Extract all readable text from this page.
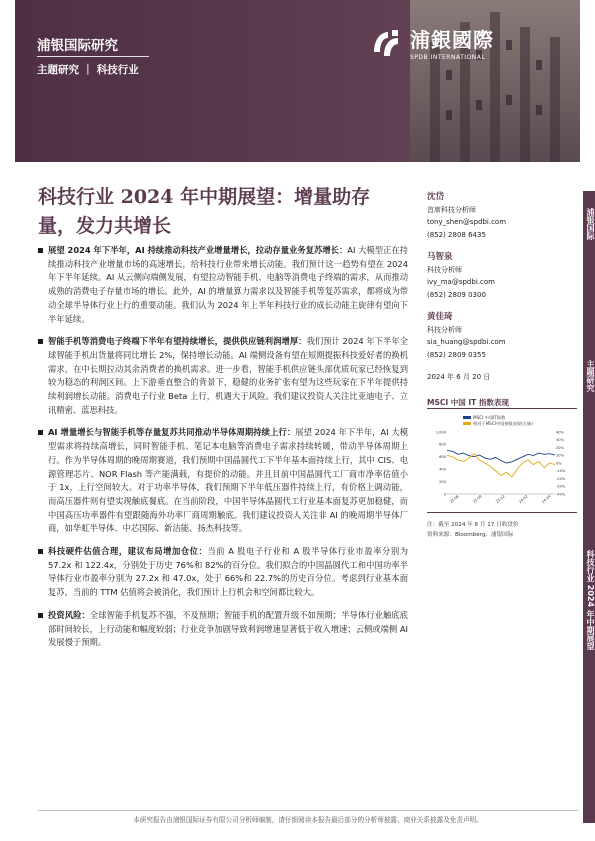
浦银国际研究
主题研究 ｜ 科技行业
浦銀國際
SPDB INTERNATIONAL
科技行业 2024 年中期展望：增量助存量，发力共增长
展望 2024 年下半年，AI 持续推动科技产业增量增长，拉动存量业务复苏增长：AI 大模型正在持续推动科技产业增量市场的高速增长，给科技行业带来增长动能。我们预计这一趋势有望在 2024 年下半年延续。AI 从云侧向端侧发展，有望拉动智能手机、电脑等消费电子终端的需求，从而推动成熟的消费电子存量市场的增长。此外，AI 的增量算力需求以及智能手机等复苏需求，都将成为带动全球半导体行业上行的重要动能。我们认为 2024 年上半年科技行业的成长动能主旋律有望向下半年延续。
智能手机等消费电子终端下半年有望持续增长，提供供应链利润增厚：我们预计 2024 年下半年全球智能手机出货量将同比增长 2%，保持增长动能。AI 端侧设备有望在短期提振科技爱好者的换机需求，在中长期拉动其余消费者的换机需求。进一步看，智能手机供应链头部优质玩家已经恢复到较为稳态的利润区间。上下游垂直整合的背景下，稳健的业务扩张有望为这些玩家在下半年提供持续利润增长动能。消费电子行业 Beta 上行，机遇大于风险。我们建议投资人关注比亚迪电子、立讯精密、蓝思科技。
AI 增量增长与智能手机等存量复苏共同推动半导体周期持续上行：展望 2024 年下半年，AI 大模型需求将持续高增长，同时智能手机、笔记本电脑等消费电子需求持续转暖，带动半导体周期上行。作为半导体周期的晚周期赛道，我们预期中国晶圆代工下半年基本面持续上行，其中 CIS、电源管理芯片、NOR Flash 等产能满载，有提价的动能。并且目前中国晶圆代工厂商市净率估值小于 1x，上行空间较大。对于功率半导体，我们预期下半年低压器件持续上行，有价格上调动能，而高压器件则有望实现触底餐底。在当前阶段，中国半导体晶圆代工行业基本面复苏更加稳健，而中国高压功率器件有望跟随海外功率厂商周期触底。我们建议投资人关注非 AI 的晚周期半导体厂商，如华虹半导体、中芯国际、新洁能、扬杰科技等。
科技硬件估值合理，建议布局增加仓位：当前 A 股电子行业和 A 股半导体行业市盈率分别为 57.2x 和 122.4x，分别处于历史 76%和 82%的百分位。我们拟合的中国晶圆代工和中国功率半导体行业市盈率分别为 27.2x 和 47.0x，处于 66%和 22.7%的历史百分位。考虑到行业基本面复苏，当前的 TTM 估值将会被消化，我们预计上行机会和空间都比较大。
投资风险：全球智能手机复苏不强，不及预期；智能手机的配置升级不如预期；半导体行业触底底部时间较长，上行动能和幅度较弱；行业竞争加剧导致利润增速显著低于收入增速；云侧或端侧 AI 发展慢于预期。
沈岱
首席科技分析师
tony_shen@spdbi.com
(852) 2808 6435
马智泉
科技分析师
ivy_ma@spdbi.com
(852) 2809 0300
黄佳琦
科技分析师
sia_huang@spdbi.com
(852) 2809 0355
2024 年 6 月 20 日
浦银国际
主题研究
科技行业 2024 年中期展望
MSCI 中国 IT 指数表现
MSCI 中国IT指数
相对于MSCI中国指数表现(右轴)
1,000
800
600
400
200
0
40%
30%
20%
10%
0%
-10%
-20%
-30%
-40%
23-06	23-09	23-12	24-02	24-04
注：截至 2024 年 6 月 17 日收盘价
资料来源：Bloomberg、浦银国际
本研究报告由浦银国际证券有限公司分析师编制，请仔细阅读本报告最后部分的分析师披露、商业关系披露及免责声明。
